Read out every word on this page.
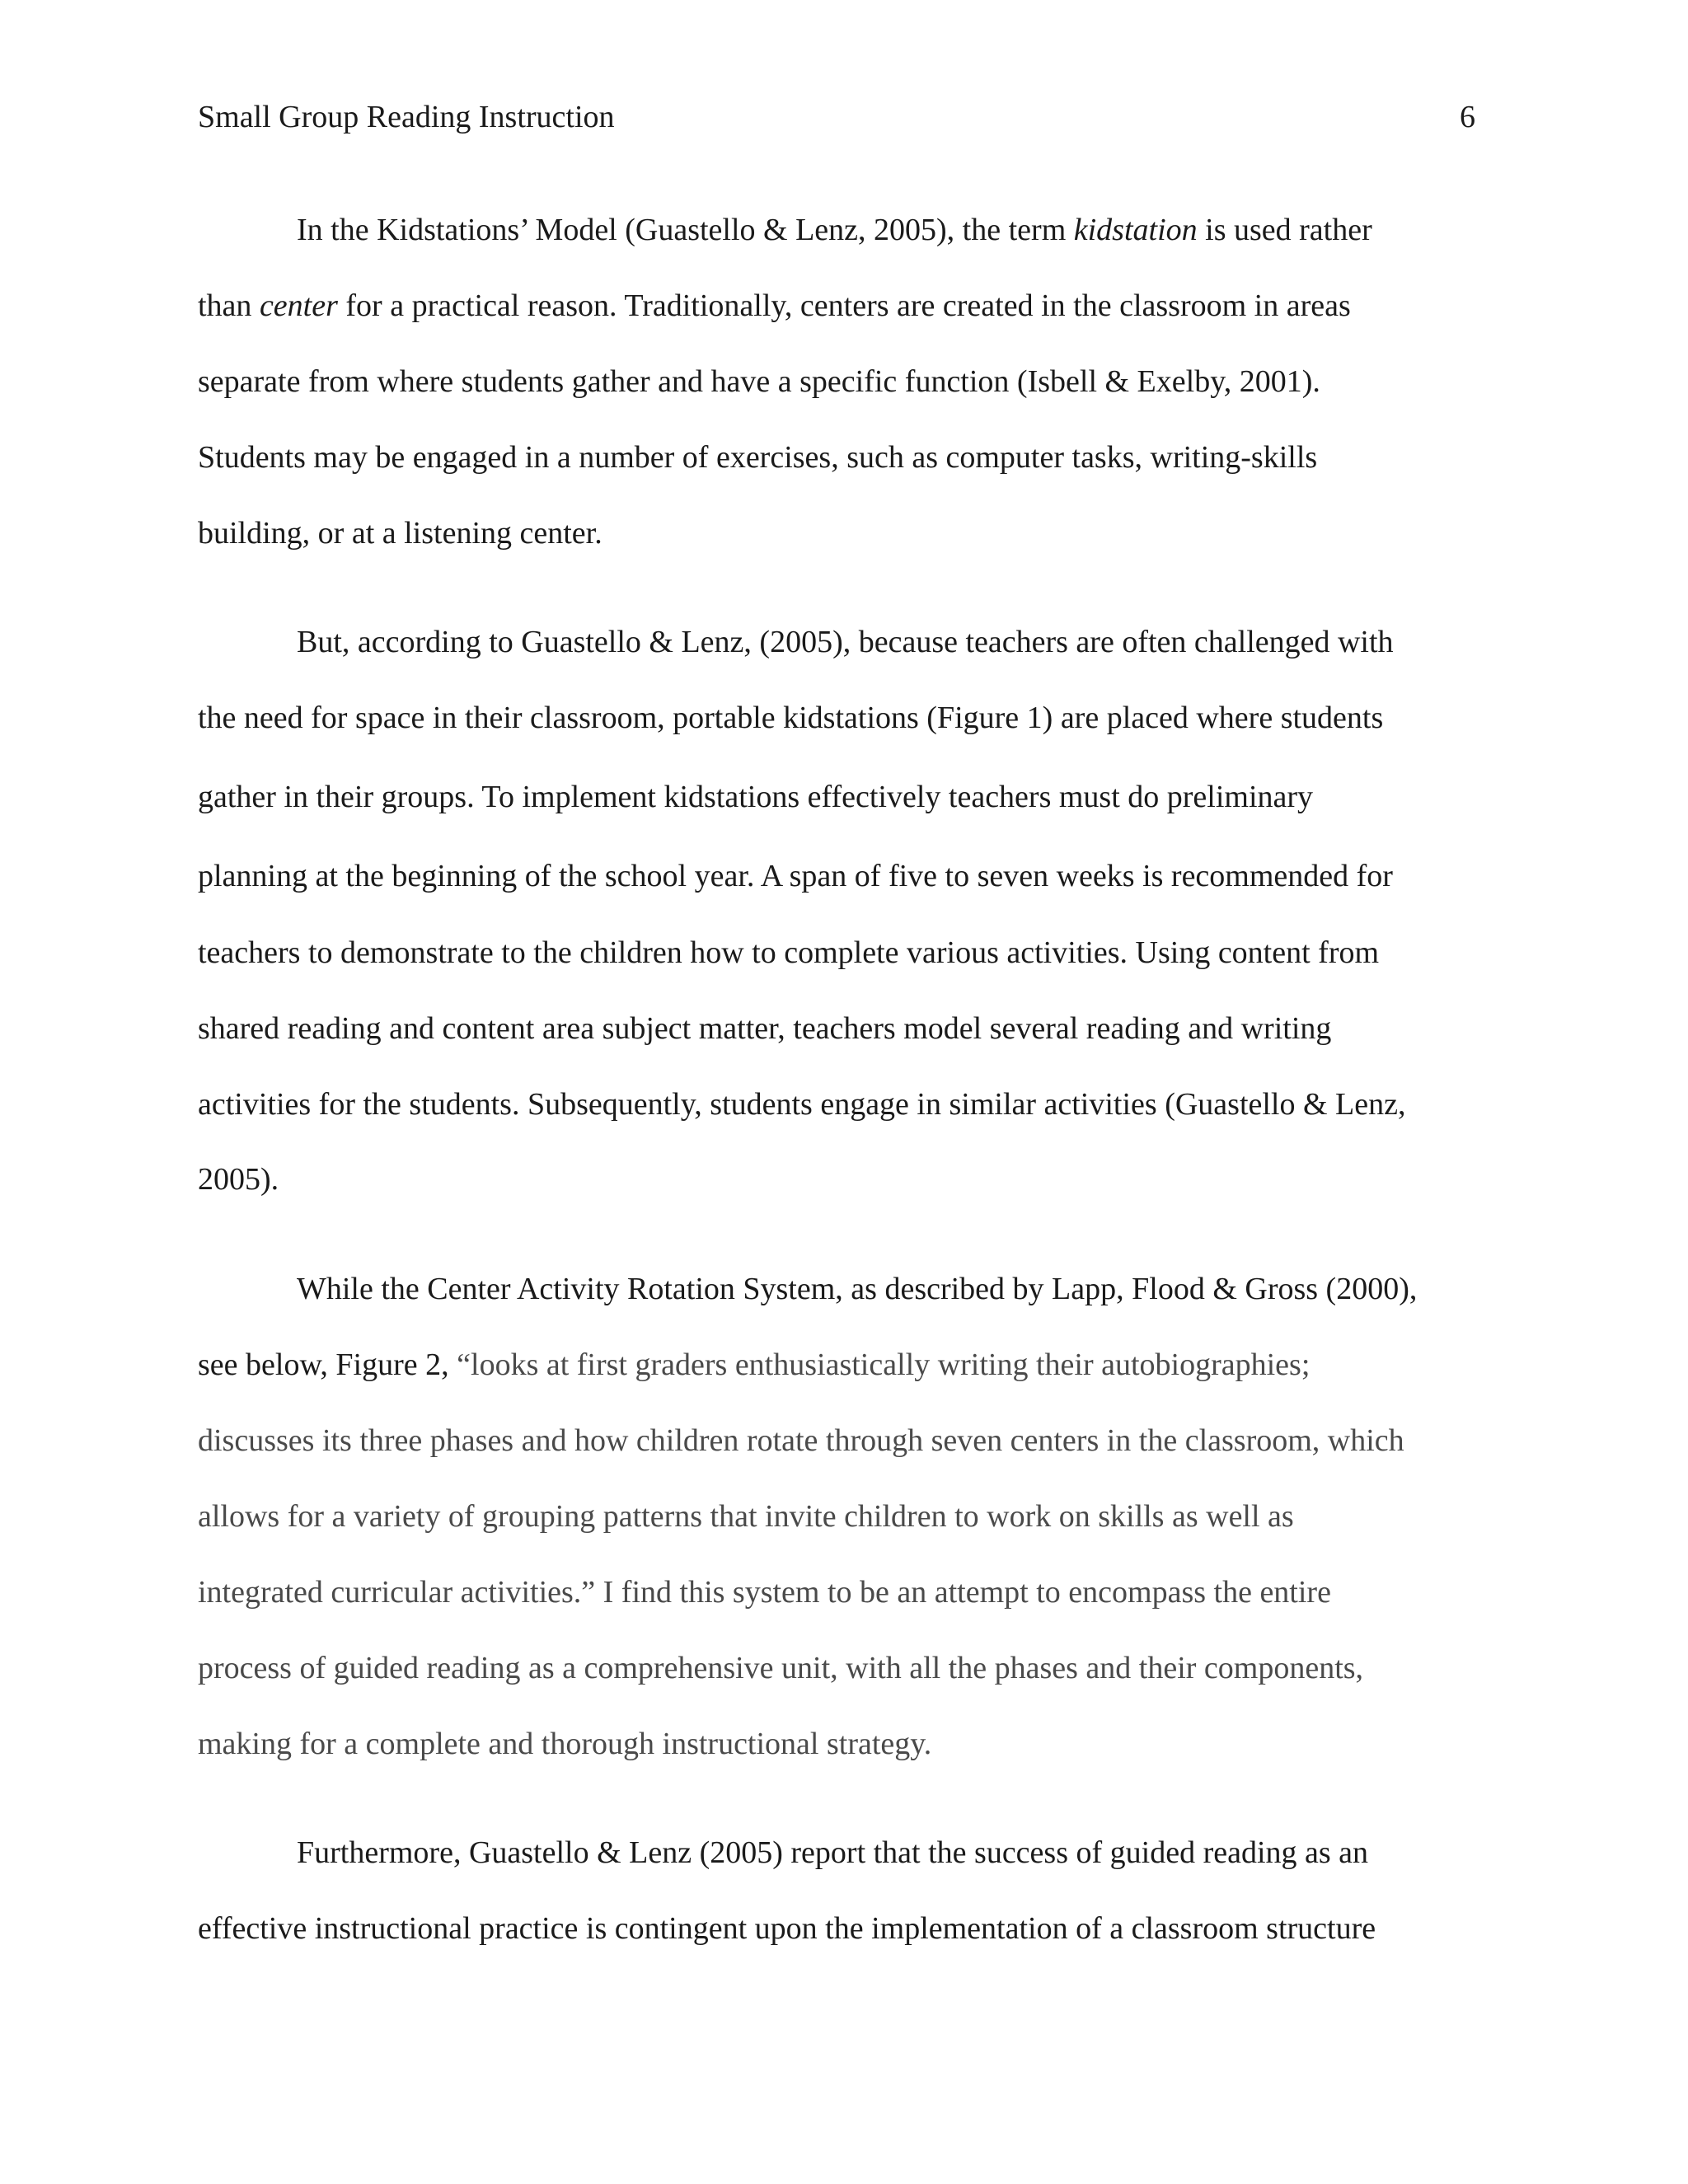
Small Group Reading Instruction	6
In the Kidstations’ Model (Guastello & Lenz, 2005), the term kidstation is used rather
than center for a practical reason. Traditionally, centers are created in the classroom in areas
separate from where students gather and have a specific function (Isbell & Exelby, 2001).
Students may be engaged in a number of exercises, such as computer tasks, writing-skills
building, or at a listening center.
But, according to Guastello & Lenz, (2005), because teachers are often challenged with
the need for space in their classroom, portable kidstations (Figure 1) are placed where students
gather in their groups. To implement kidstations effectively teachers must do preliminary
planning at the beginning of the school year. A span of five to seven weeks is recommended for
teachers to demonstrate to the children how to complete various activities. Using content from
shared reading and content area subject matter, teachers model several reading and writing
activities for the students. Subsequently, students engage in similar activities (Guastello & Lenz,
2005).
While the Center Activity Rotation System, as described by Lapp, Flood & Gross (2000),
see below, Figure 2, “looks at first graders enthusiastically writing their autobiographies;
discusses its three phases and how children rotate through seven centers in the classroom, which
allows for a variety of grouping patterns that invite children to work on skills as well as
integrated curricular activities.” I find this system to be an attempt to encompass the entire
process of guided reading as a comprehensive unit, with all the phases and their components,
making for a complete and thorough instructional strategy.
Furthermore, Guastello & Lenz (2005) report that the success of guided reading as an
effective instructional practice is contingent upon the implementation of a classroom structure
